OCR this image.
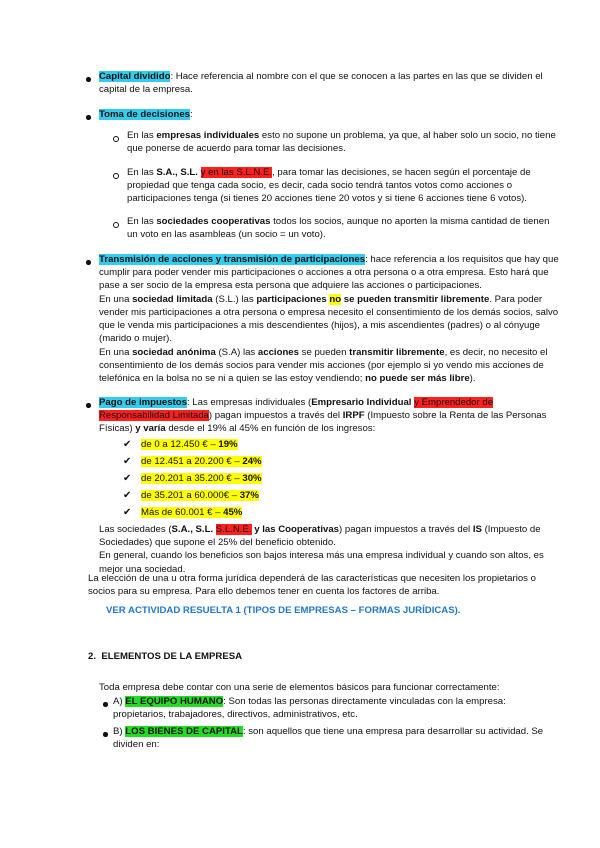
Capital dividido: Hace referencia al nombre con el que se conocen a las partes en las que se dividen el capital de la empresa.

Toma de decisiones:

En las empresas individuales esto no supone un problema, ya que, al haber solo un socio, no tiene que ponerse de acuerdo para tomar las decisiones.

En las S.A., S.L. y en las S.L.N.E., para tomar las decisiones, se hacen según el porcentaje de propiedad que tenga cada socio, es decir, cada socio tendrá tantos votos como acciones o participaciones tenga (si tienes 20 acciones tiene 20 votos y si tiene 6 acciones tiene 6 votos).

En las sociedades cooperativas todos los socios, aunque no aporten la misma cantidad de tienen un voto en las asambleas (un socio = un voto).

Transmisión de acciones y transmisión de participaciones: hace referencia a los requisitos que hay que cumplir para poder vender mis participaciones o acciones a otra persona o a otra empresa. Esto hará que pase a ser socio de la empresa esta persona que adquiere las acciones o participaciones.

En una sociedad limitada (S.L.) las participaciones no se pueden transmitir libremente. Para poder vender mis participaciones a otra persona o empresa necesito el consentimiento de los demás socios, salvo que le venda mis participaciones a mis descendientes (hijos), a mis ascendientes (padres) o al cónyuge (marido o mujer).

En una sociedad anónima (S.A) las acciones se pueden transmitir libremente, es decir, no necesito el consentimiento de los demás socios para vender mis acciones (por ejemplo si yo vendo mis acciones de telefónica en la bolsa no se ni a quien se las estoy vendiendo; no puede ser más libre).

Pago de impuestos: Las empresas individuales (Empresario Individual y Emprendedor de Responsabilidad Limitada) pagan impuestos a través del IRPF (Impuesto sobre la Renta de las Personas Físicas) y varía desde el 19% al 45% en función de los ingresos:

✔ de 0 a 12.450 € – 19%

✔ de 12.451 a 20.200 € – 24%

✔ de 20.201 a 35.200 € – 30%

✔ de 35.201 a 60.000€ – 37%

✔ Más de 60.001 € – 45%

Las sociedades (S.A., S.L. S.L.N.E. y las Cooperativas) pagan impuestos a través del IS (Impuesto de Sociedades) que supone el 25% del beneficio obtenido.

En general, cuando los beneficios son bajos interesa más una empresa individual y cuando son altos, es mejor una sociedad.

La elección de una u otra forma jurídica dependerá de las características que necesiten los propietarios o socios para su empresa. Para ello debemos tener en cuenta los factores de arriba.

VER ACTIVIDAD RESUELTA 1 (TIPOS DE EMPRESAS – FORMAS JURÍDICAS).

2. ELEMENTOS DE LA EMPRESA

Toda empresa debe contar con una serie de elementos básicos para funcionar correctamente:

A) EL EQUIPO HUMANO: Son todas las personas directamente vinculadas con la empresa: propietarios, trabajadores, directivos, administrativos, etc.

B) LOS BIENES DE CAPITAL: son aquellos que tiene una empresa para desarrollar su actividad. Se dividen en:
